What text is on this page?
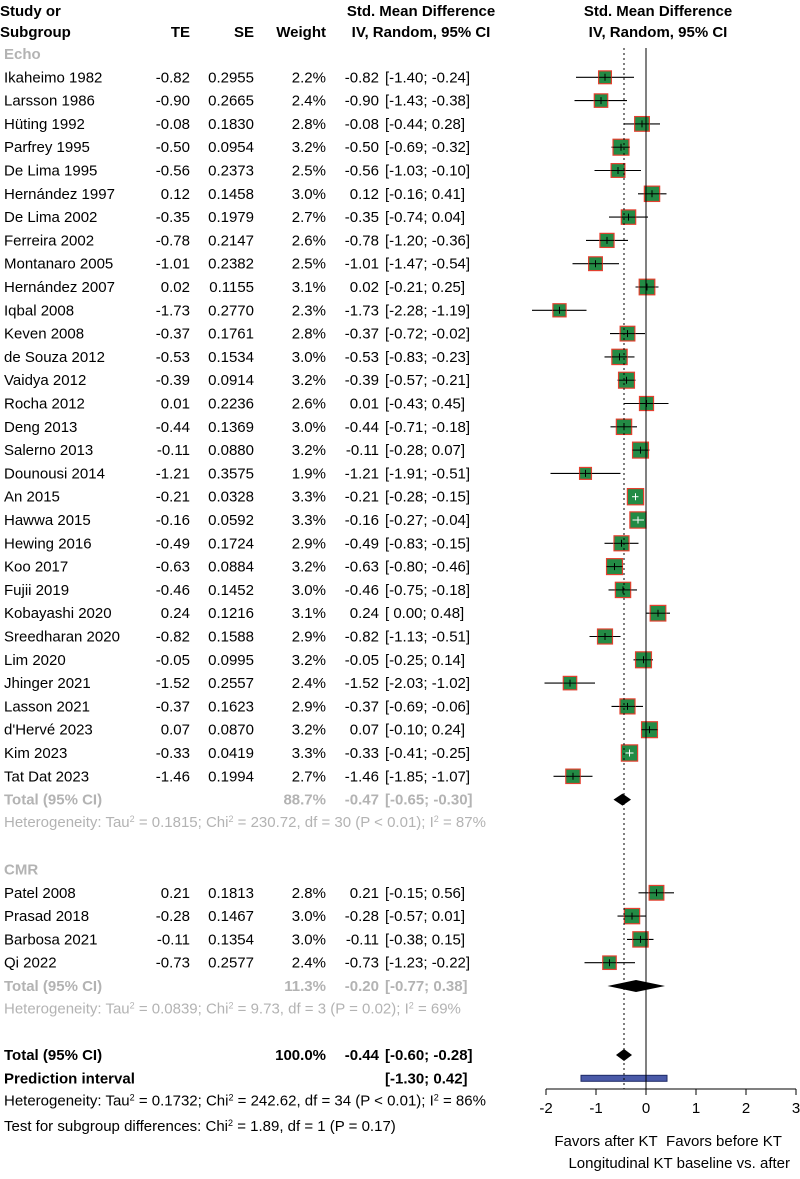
Study or
Subgroup	TE	SE Weight
Std. Mean Difference
IV, Random, 95% CI
Std. Mean Difference
IV, Random, 95% CI
Echo
Ikaheimo 1982	-0.82 0.2955	2.2% -0.82 [-1.40; -0.24]
Larsson 1986	-0.90 0.2665	2.4% -0.90 [-1.43; -0.38]
Hüting 1992	-0.08 0.1830	2.8% -0.08 [-0.44; 0.28]
Parfrey 1995	-0.50 0.0954	3.2% -0.50 [-0.69; -0.32]
De Lima 1995	-0.56 0.2373	2.5% -0.56 [-1.03; -0.10]
Hernández 1997	0.12 0.1458	3.0% 0.12 [-0.16; 0.41]
De Lima 2002	-0.35 0.1979	2.7% -0.35 [-0.74; 0.04]
Ferreira 2002	-0.78 0.2147	2.6% -0.78 [-1.20; -0.36]
Montanaro 2005	-1.01 0.2382	2.5% -1.01 [-1.47; -0.54]
Hernández 2007	0.02 0.1155	3.1% 0.02 [-0.21; 0.25]
Iqbal 2008	-1.73 0.2770	2.3% -1.73 [-2.28; -1.19]
Keven 2008	-0.37 0.1761	2.8% -0.37 [-0.72; -0.02]
de Souza 2012	-0.53 0.1534	3.0% -0.53 [-0.83; -0.23]
Vaidya 2012	-0.39 0.0914	3.2% -0.39 [-0.57; -0.21]
Rocha 2012	0.01 0.2236	2.6% 0.01 [-0.43; 0.45]
Deng 2013	-0.44 0.1369	3.0% -0.44 [-0.71; -0.18]
Salerno 2013	-0.11 0.0880	3.2% -0.11 [-0.28; 0.07]
Dounousi 2014	-1.21 0.3575	1.9% -1.21 [-1.91; -0.51]
An 2015	-0.21 0.0328	3.3% -0.21 [-0.28; -0.15]
Hawwa 2015	-0.16 0.0592	3.3% -0.16 [-0.27; -0.04]
Hewing 2016	-0.49 0.1724	2.9% -0.49 [-0.83; -0.15]
Koo 2017	-0.63 0.0884	3.2% -0.63 [-0.80; -0.46]
Fujii 2019	-0.46 0.1452	3.0% -0.46 [-0.75; -0.18]
Kobayashi 2020	0.24 0.1216	3.1% 0.24 [ 0.00; 0.48]
Sreedharan 2020 -0.82 0.1588	2.9% -0.82 [-1.13; -0.51]
Lim 2020	-0.05 0.0995	3.2% -0.05 [-0.25; 0.14]
Jhinger 2021	-1.52 0.2557	2.4% -1.52 [-2.03; -1.02]
Lasson 2021	-0.37 0.1623	2.9% -0.37 [-0.69; -0.06]
d'Hervé 2023	0.07 0.0870	3.2% 0.07 [-0.10; 0.24]
Kim 2023	-0.33 0.0419	3.3% -0.33 [-0.41; -0.25]
Tat Dat 2023	-1.46 0.1994	2.7% -1.46 [-1.85; -1.07]
Total (95% CI)	88.7% -0.47 [-0.65; -0.30]
Heterogeneity: Tau$^2$ = 0.1815; Chi$^2$ = 230.72, df = 30 (P < 0.01); $I^2 = 87\%$
CMR
Patel 2008	0.21 0.1813	2.8% 0.21 [-0.15; 0.56]
Prasad 2018	-0.28 0.1467	3.0% -0.28 [-0.57; 0.01]
Barbosa 2021	-0.11 0.1354	3.0% -0.11 [-0.38; 0.15]
Qi 2022	-0.73 0.2577	2.4% -0.73 [-1.23; -0.22]
Total (95% CI)	11.3% -0.20 [-0.77; 0.38]
Heterogeneity: Tau$^2$ = 0.0839; Chi$^2$ = 9.73, df = 3 (P = 0.02); $I^2 = 69\%$
Total (95% CI)	100.0% -0.44 [-0.60; -0.28]
Prediction interval	[-1.30; 0.42]
Heterogeneity: Tau$^2$ = 0.1732; Chi$^2$ = 242.62, df = 34 (P < 0.01); $I^2 = 86\%$
Test for subgroup differences: Chi$^2$ = 1.89, df = 1 (P = 0.17)
-2 -1	0	1	2	3
Favors after KT Favors before KT
Longitudinal KT baseline vs. after
